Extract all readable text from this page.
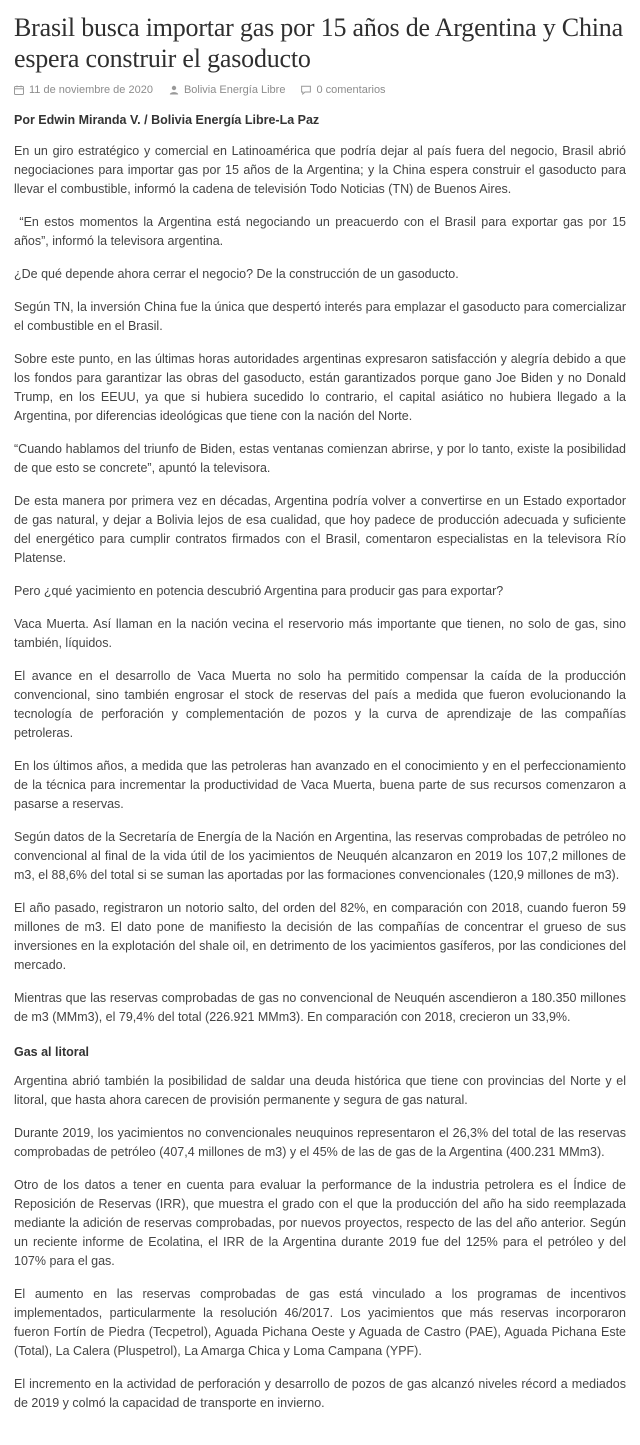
Brasil busca importar gas por 15 años de Argentina y China espera construir el gasoducto
11 de noviembre de 2020	Bolivia Energía Libre	0 comentarios

Por Edwin Miranda V. / Bolivia Energía Libre-La Paz

En un giro estratégico y comercial en Latinoamérica que podría dejar al país fuera del negocio, Brasil abrió negociaciones para importar gas por 15 años de la Argentina; y la China espera construir el gasoducto para llevar el combustible, informó la cadena de televisión Todo Noticias (TN) de Buenos Aires.

“En estos momentos la Argentina está negociando un preacuerdo con el Brasil para exportar gas por 15 años”, informó la televisora argentina.

¿De qué depende ahora cerrar el negocio? De la construcción de un gasoducto.

Según TN, la inversión China fue la única que despertó interés para emplazar el gasoducto para comercializar el combustible en el Brasil.

Sobre este punto, en las últimas horas autoridades argentinas expresaron satisfacción y alegría debido a que los fondos para garantizar las obras del gasoducto, están garantizados porque gano Joe Biden y no Donald Trump, en los EEUU, ya que si hubiera sucedido lo contrario, el capital asiático no hubiera llegado a la Argentina, por diferencias ideológicas que tiene con la nación del Norte.

“Cuando hablamos del triunfo de Biden, estas ventanas comienzan abrirse, y por lo tanto, existe la posibilidad de que esto se concrete”, apuntó la televisora.

De esta manera por primera vez en décadas, Argentina podría volver a convertirse en un Estado exportador de gas natural, y dejar a Bolivia lejos de esa cualidad, que hoy padece de producción adecuada y suficiente del energético para cumplir contratos firmados con el Brasil, comentaron especialistas en la televisora Río Platense.

Pero ¿qué yacimiento en potencia descubrió Argentina para producir gas para exportar?

Vaca Muerta. Así llaman en la nación vecina el reservorio más importante que tienen, no solo de gas, sino también, líquidos.

El avance en el desarrollo de Vaca Muerta no solo ha permitido compensar la caída de la producción convencional, sino también engrosar el stock de reservas del país a medida que fueron evolucionando la tecnología de perforación y complementación de pozos y la curva de aprendizaje de las compañías petroleras.

En los últimos años, a medida que las petroleras han avanzado en el conocimiento y en el perfeccionamiento de la técnica para incrementar la productividad de Vaca Muerta, buena parte de sus recursos comenzaron a pasarse a reservas.

Según datos de la Secretaría de Energía de la Nación en Argentina, las reservas comprobadas de petróleo no convencional al final de la vida útil de los yacimientos de Neuquén alcanzaron en 2019 los 107,2 millones de m3, el 88,6% del total si se suman las aportadas por las formaciones convencionales (120,9 millones de m3).

El año pasado, registraron un notorio salto, del orden del 82%, en comparación con 2018, cuando fueron 59 millones de m3. El dato pone de manifiesto la decisión de las compañías de concentrar el grueso de sus inversiones en la explotación del shale oil, en detrimento de los yacimientos gasíferos, por las condiciones del mercado.

Mientras que las reservas comprobadas de gas no convencional de Neuquén ascendieron a 180.350 millones de m3 (MMm3), el 79,4% del total (226.921 MMm3). En comparación con 2018, crecieron un 33,9%.

Gas al litoral

Argentina abrió también la posibilidad de saldar una deuda histórica que tiene con provincias del Norte y el litoral, que hasta ahora carecen de provisión permanente y segura de gas natural.

Durante 2019, los yacimientos no convencionales neuquinos representaron el 26,3% del total de las reservas comprobadas de petróleo (407,4 millones de m3) y el 45% de las de gas de la Argentina (400.231 MMm3).

Otro de los datos a tener en cuenta para evaluar la performance de la industria petrolera es el Índice de Reposición de Reservas (IRR), que muestra el grado con el que la producción del año ha sido reemplazada mediante la adición de reservas comprobadas, por nuevos proyectos, respecto de las del año anterior. Según un reciente informe de Ecolatina, el IRR de la Argentina durante 2019 fue del 125% para el petróleo y del 107% para el gas.

El aumento en las reservas comprobadas de gas está vinculado a los programas de incentivos implementados, particularmente la resolución 46/2017. Los yacimientos que más reservas incorporaron fueron Fortín de Piedra (Tecpetrol), Aguada Pichana Oeste y Aguada de Castro (PAE), Aguada Pichana Este (Total), La Calera (Pluspetrol), La Amarga Chica y Loma Campana (YPF).

El incremento en la actividad de perforación y desarrollo de pozos de gas alcanzó niveles récord a mediados de 2019 y colmó la capacidad de transporte en invierno.
